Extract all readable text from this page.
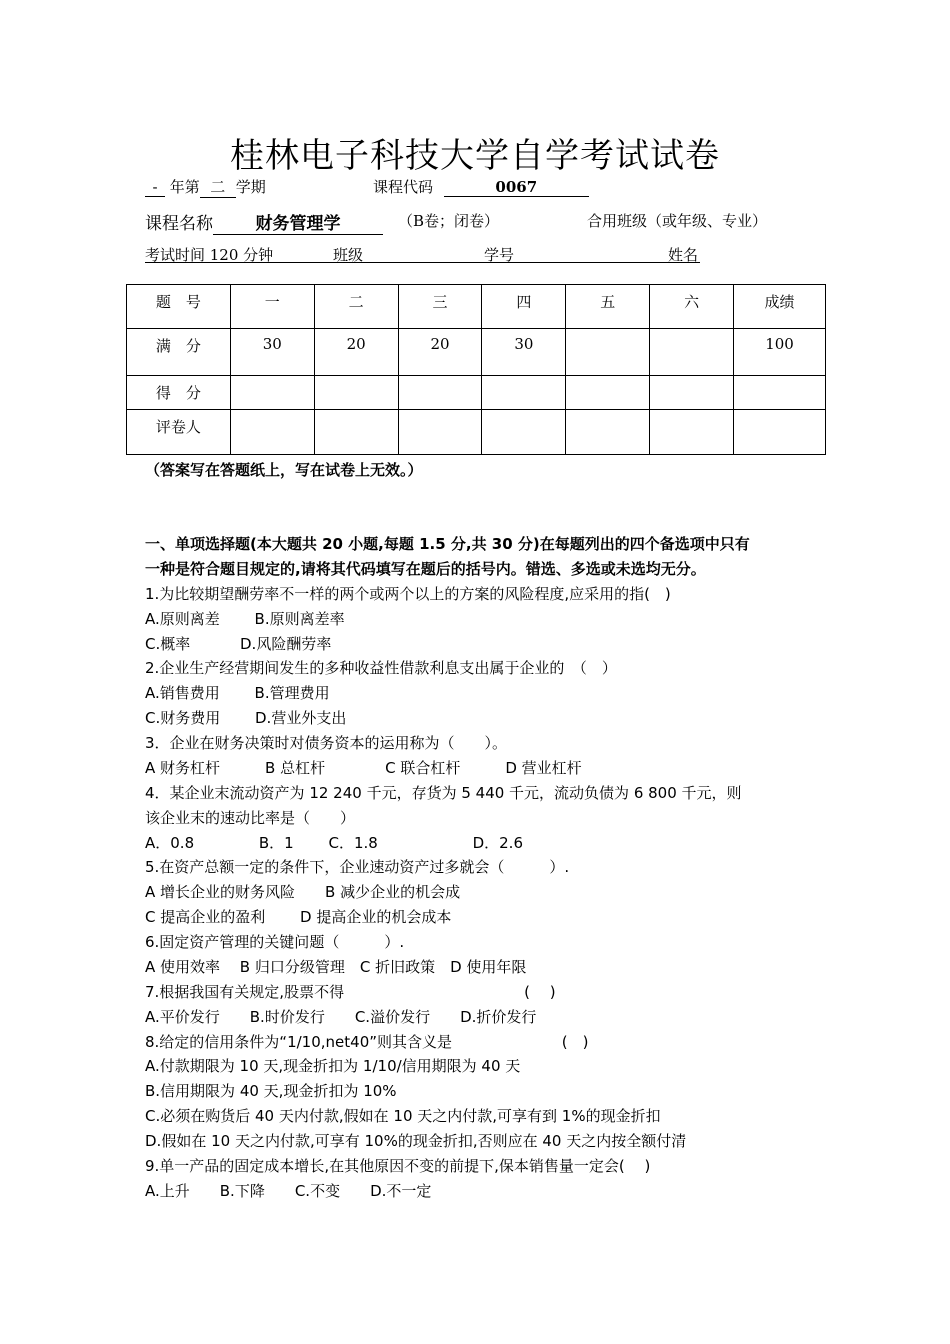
桂林电子科技大学自学考试试卷
- 年第 二 学期	课程代码	0067
课程名称	财务管理学	（B卷；闭卷）	合用班级（或年级、专业）
考试时间 120 分钟	班级	学号	姓名
题　号	一	二	三	四	五	六	成绩
满　分	30	20	20	30			100
得　分							
评卷人							
（答案写在答题纸上，写在试卷上无效。）
一、单项选择题(本大题共 20 小题,每题 1.5 分,共 30 分)在每题列出的四个备选项中只有
一种是符合题目规定的,请将其代码填写在题后的括号内。错选、多选或未选均无分。
1.为比较期望酬劳率不一样的两个或两个以上的方案的风险程度,应采用的指(　)
A.原则离差　　 B.原则离差率
C.概率　　　 D.风险酬劳率
2.企业生产经营期间发生的多种收益性借款利息支出属于企业的　（　）
A.销售费用　　 B.管理费用
C.财务费用　　 D.营业外支出
3．企业在财务决策时对债务资本的运用称为（　　）。
A 财务杠杆　　　B 总杠杆　　　　C 联合杠杆　　　D 营业杠杆
4．某企业末流动资产为 12 240 千元，存货为 5 440 千元，流动负债为 6 800 千元，则
该企业末的速动比率是（　　）
A．0.8　　　　 B．1　　 C．1.8　　　　　　 D．2.6
5.在资产总额一定的条件下，企业速动资产过多就会（　　　）.
A 增长企业的财务风险　　B 减少企业的机会成
C 提高企业的盈利　　 D 提高企业的机会成本
6.固定资产管理的关键问题（　　　）.
A 使用效率　 B 归口分级管理　C 折旧政策　D 使用年限
7.根据我国有关规定,股票不得　　　　　　　　　　　　(　 )
A.平价发行　　B.时价发行　　C.溢价发行　　D.折价发行
8.给定的信用条件为“1/10,net40”则其含义是　　　　　　　 (　)
A.付款期限为 10 天,现金折扣为 1/10/信用期限为 40 天
B.信用期限为 40 天,现金折扣为 10%
C.必须在购货后 40 天内付款,假如在 10 天之内付款,可享有到 1%的现金折扣
D.假如在 10 天之内付款,可享有 10%的现金折扣,否则应在 40 天之内按全额付清
9.单一产品的固定成本增长,在其他原因不变的前提下,保本销售量一定会(　 )
A.上升　　B.下降　　C.不变　　D.不一定
